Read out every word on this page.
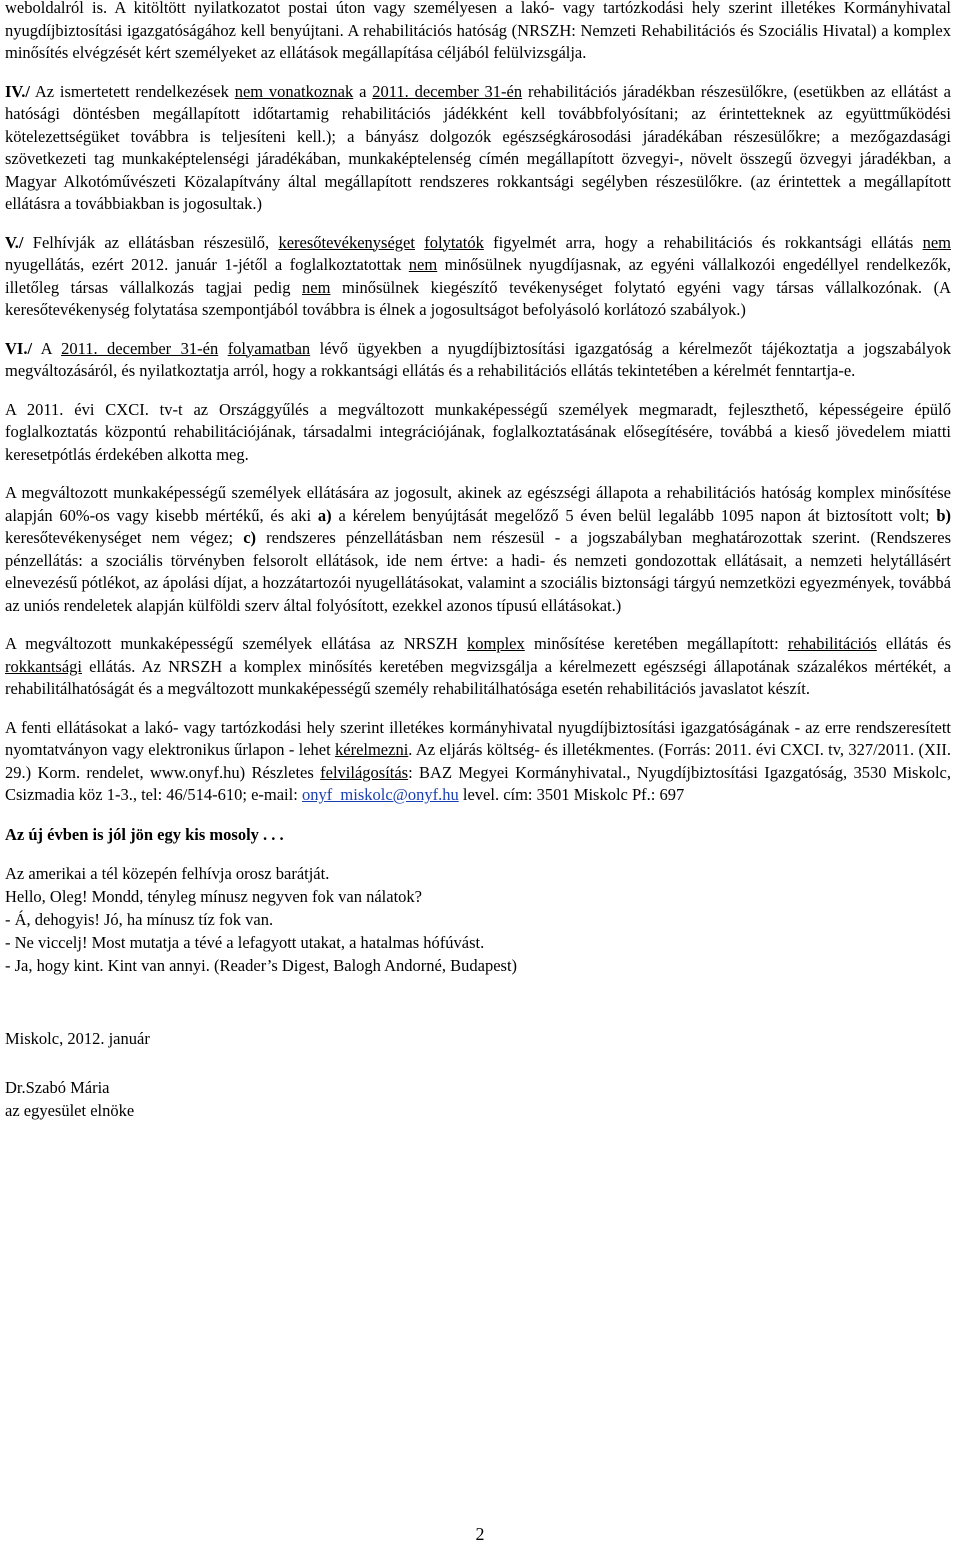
weboldalról is. A kitöltött nyilatkozatot postai úton vagy személyesen a lakó- vagy tartózkodási hely szerint illetékes Kormányhivatal nyugdíjbiztosítási igazgatóságához kell benyújtani. A rehabilitációs hatóság (NRSZH: Nemzeti Rehabilitációs és Szociális Hivatal) a komplex minősítés elvégzését kért személyeket az ellátások megállapítása céljából felülvizsgálja.

IV./ Az ismertetett rendelkezések nem vonatkoznak a 2011. december 31-én rehabilitációs járadékban részesülőkre, (esetükben az ellátást a hatósági döntésben megállapított időtartamig rehabilitációs jádékként kell továbbfolyósítani; az érintetteknek az együttműködési kötelezettségüket továbbra is teljesíteni kell.); a bányász dolgozók egészségkárosodási járadékában részesülőkre; a mezőgazdasági szövetkezeti tag munkaképtelenségi járadékában, munkaképtelenség címén megállapított özvegyi-, növelt összegű özvegyi járadékban, a Magyar Alkotóművészeti Közalapítvány által megállapított rendszeres rokkantsági segélyben részesülőkre. (az érintettek a megállapított ellátásra a továbbiakban is jogosultak.)

V./ Felhívják az ellátásban részesülő, keresőtevékenységet folytatók figyelmét arra, hogy a rehabilitációs és rokkantsági ellátás nem nyugellátás, ezért 2012. január 1-jétől a foglalkoztatottak nem minősülnek nyugdíjasnak, az egyéni vállalkozói engedéllyel rendelkezők, illetőleg társas vállalkozás tagjai pedig nem minősülnek kiegészítő tevékenységet folytató egyéni vagy társas vállalkozónak. (A keresőtevékenység folytatása szempontjából továbbra is élnek a jogosultságot befolyásoló korlátozó szabályok.)

VI./ A 2011. december 31-én folyamatban lévő ügyekben a nyugdíjbiztosítási igazgatóság a kérelmezőt tájékoztatja a jogszabályok megváltozásáról, és nyilatkoztatja arról, hogy a rokkantsági ellátás és a rehabilitációs ellátás tekintetében a kérelmét fenntartja-e.

A 2011. évi CXCI. tv-t az Országgyűlés a megváltozott munkaképességű személyek megmaradt, fejleszthető, képességeire épülő foglalkoztatás központú rehabilitációjának, társadalmi integrációjának, foglalkoztatásának elősegítésére, továbbá a kieső jövedelem miatti keresetpótlás érdekében alkotta meg.

A megváltozott munkaképességű személyek ellátására az jogosult, akinek az egészségi állapota a rehabilitációs hatóság komplex minősítése alapján 60%-os vagy kisebb mértékű, és aki a) a kérelem benyújtását megelőző 5 éven belül legalább 1095 napon át biztosított volt; b) keresőtevékenységet nem végez; c) rendszeres pénzellátásban nem részesül - a jogszabályban meghatározottak szerint. (Rendszeres pénzellátás: a szociális törvényben felsorolt ellátások, ide nem értve: a hadi- és nemzeti gondozottak ellátásait, a nemzeti helytállásért elnevezésű pótlékot, az ápolási díjat, a hozzátartozói nyugellátásokat, valamint a szociális biztonsági tárgyú nemzetközi egyezmények, továbbá az uniós rendeletek alapján külföldi szerv által folyósított, ezekkel azonos típusú ellátásokat.)

A megváltozott munkaképességű személyek ellátása az NRSZH komplex minősítése keretében megállapított: rehabilitációs ellátás és rokkantsági ellátás. Az NRSZH a komplex minősítés keretében megvizsgálja a kérelmezett egészségi állapotának százalékos mértékét, a rehabilitálhatóságát és a megváltozott munkaképességű személy rehabilitálhatósága esetén rehabilitációs javaslatot készít.

A fenti ellátásokat a lakó- vagy tartózkodási hely szerint illetékes kormányhivatal nyugdíjbiztosítási igazgatóságának - az erre rendszeresített nyomtatványon vagy elektronikus űrlapon - lehet kérelmezni. Az eljárás költség- és illetékmentes. (Forrás: 2011. évi CXCI. tv, 327/2011. (XII. 29.) Korm. rendelet, www.onyf.hu) Részletes felvilágosítás: BAZ Megyei Kormányhivatal., Nyugdíjbiztosítási Igazgatóság, 3530 Miskolc, Csizmadia köz 1-3., tel: 46/514-610; e-mail: onyf_miskolc@onyf.hu level. cím: 3501 Miskolc Pf.: 697

Az új évben is jól jön egy kis mosoly . . .

Az amerikai a tél közepén felhívja orosz barátját.

Hello, Oleg! Mondd, tényleg mínusz negyven fok van nálatok?

- Á, dehogyis! Jó, ha mínusz tíz fok van.

- Ne viccelj! Most mutatja a tévé a lefagyott utakat, a hatalmas hófúvást.

- Ja, hogy kint. Kint van annyi. (Reader’s Digest, Balogh Andorné, Budapest)

Miskolc, 2012. január

Dr.Szabó Mária

az egyesület elnöke

2
